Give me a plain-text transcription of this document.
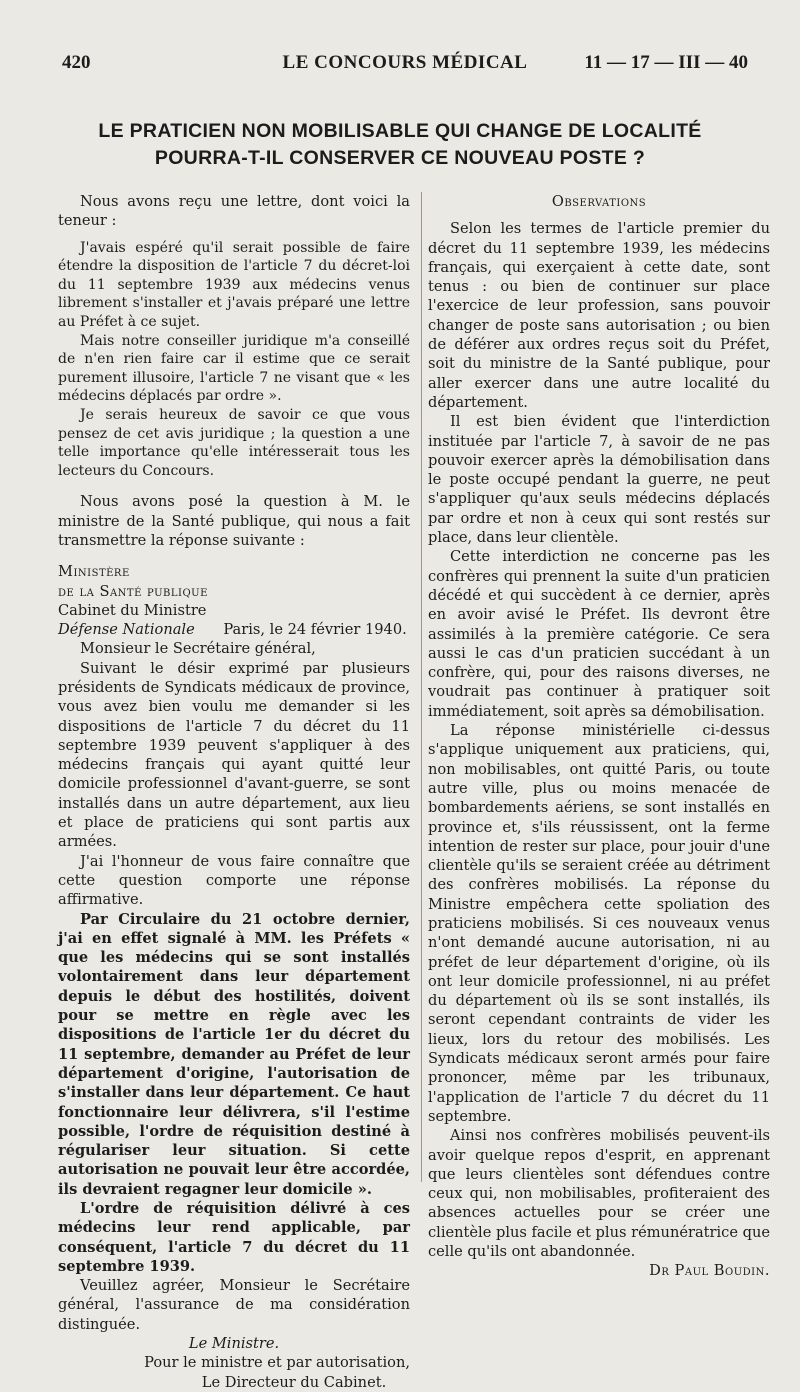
420	LE CONCOURS MÉDICAL	11 — 17 — III — 40
LE PRATICIEN NON MOBILISABLE QUI CHANGE DE LOCALITÉ
POURRA-T-IL CONSERVER CE NOUVEAU POSTE ?

Nous avons reçu une lettre, dont voici la teneur :

J'avais espéré qu'il serait possible de faire étendre la disposition de l'article 7 du décret-loi du 11 septembre 1939 aux médecins venus librement s'installer et j'avais préparé une lettre au Préfet à ce sujet.

Mais notre conseiller juridique m'a conseillé de n'en rien faire car il estime que ce serait purement illusoire, l'article 7 ne visant que « les médecins déplacés par ordre ».

Je serais heureux de savoir ce que vous pensez de cet avis juridique ; la question a une telle importance qu'elle intéresserait tous les lecteurs du Concours.

Nous avons posé la question à M. le ministre de la Santé publique, qui nous a fait transmettre la réponse suivante :

Ministère

de la Santé publique

Cabinet du Ministre

Défense Nationale Paris, le 24 février 1940.

Monsieur le Secrétaire général,

Suivant le désir exprimé par plusieurs présidents de Syndicats médicaux de province, vous avez bien voulu me demander si les dispositions de l'article 7 du décret du 11 septembre 1939 peuvent s'appliquer à des médecins français qui ayant quitté leur domicile professionnel d'avant-guerre, se sont installés dans un autre département, aux lieu et place de praticiens qui sont partis aux armées.

J'ai l'honneur de vous faire connaître que cette question comporte une réponse affirmative.

Par Circulaire du 21 octobre dernier, j'ai en effet signalé à MM. les Préfets « que les médecins qui se sont installés volontairement dans leur département depuis le début des hostilités, doivent pour se mettre en règle avec les dispositions de l'article 1er du décret du 11 septembre, demander au Préfet de leur département d'origine, l'autorisation de s'installer dans leur département. Ce haut fonctionnaire leur délivrera, s'il l'estime possible, l'ordre de réquisition destiné à régulariser leur situation. Si cette autorisation ne pouvait leur être accordée, ils devraient regagner leur domicile ».

L'ordre de réquisition délivré à ces médecins leur rend applicable, par conséquent, l'article 7 du décret du 11 septembre 1939.

Veuillez agréer, Monsieur le Secrétaire général, l'assurance de ma considération distinguée.

Le Ministre.

Pour le ministre et par autorisation,

Le Directeur du Cabinet.

Observations

Selon les termes de l'article premier du décret du 11 septembre 1939, les médecins français, qui exerçaient à cette date, sont tenus : ou bien de continuer sur place l'exercice de leur profession, sans pouvoir changer de poste sans autorisation ; ou bien de déférer aux ordres reçus soit du Préfet, soit du ministre de la Santé publique, pour aller exercer dans une autre localité du département.

Il est bien évident que l'interdiction instituée par l'article 7, à savoir de ne pas pouvoir exercer après la démobilisation dans le poste occupé pendant la guerre, ne peut s'appliquer qu'aux seuls médecins déplacés par ordre et non à ceux qui sont restés sur place, dans leur clientèle.

Cette interdiction ne concerne pas les confrères qui prennent la suite d'un praticien décédé et qui succèdent à ce dernier, après en avoir avisé le Préfet. Ils devront être assimilés à la première catégorie. Ce sera aussi le cas d'un praticien succédant à un confrère, qui, pour des raisons diverses, ne voudrait pas continuer à pratiquer soit immédiatement, soit après sa démobilisation.

La réponse ministérielle ci-dessus s'applique uniquement aux praticiens, qui, non mobilisables, ont quitté Paris, ou toute autre ville, plus ou moins menacée de bombardements aériens, se sont installés en province et, s'ils réussissent, ont la ferme intention de rester sur place, pour jouir d'une clientèle qu'ils se seraient créée au détriment des confrères mobilisés. La réponse du Ministre empêchera cette spoliation des praticiens mobilisés. Si ces nouveaux venus n'ont demandé aucune autorisation, ni au préfet de leur département d'origine, où ils ont leur domicile professionnel, ni au préfet du département où ils se sont installés, ils seront cependant contraints de vider les lieux, lors du retour des mobilisés. Les Syndicats médicaux seront armés pour faire prononcer, même par les tribunaux, l'application de l'article 7 du décret du 11 septembre.

Ainsi nos confrères mobilisés peuvent-ils avoir quelque repos d'esprit, en apprenant que leurs clientèles sont défendues contre ceux qui, non mobilisables, profiteraient des absences actuelles pour se créer une clientèle plus facile et plus rémunératrice que celle qu'ils ont abandonnée.

Dr Paul Boudin.
